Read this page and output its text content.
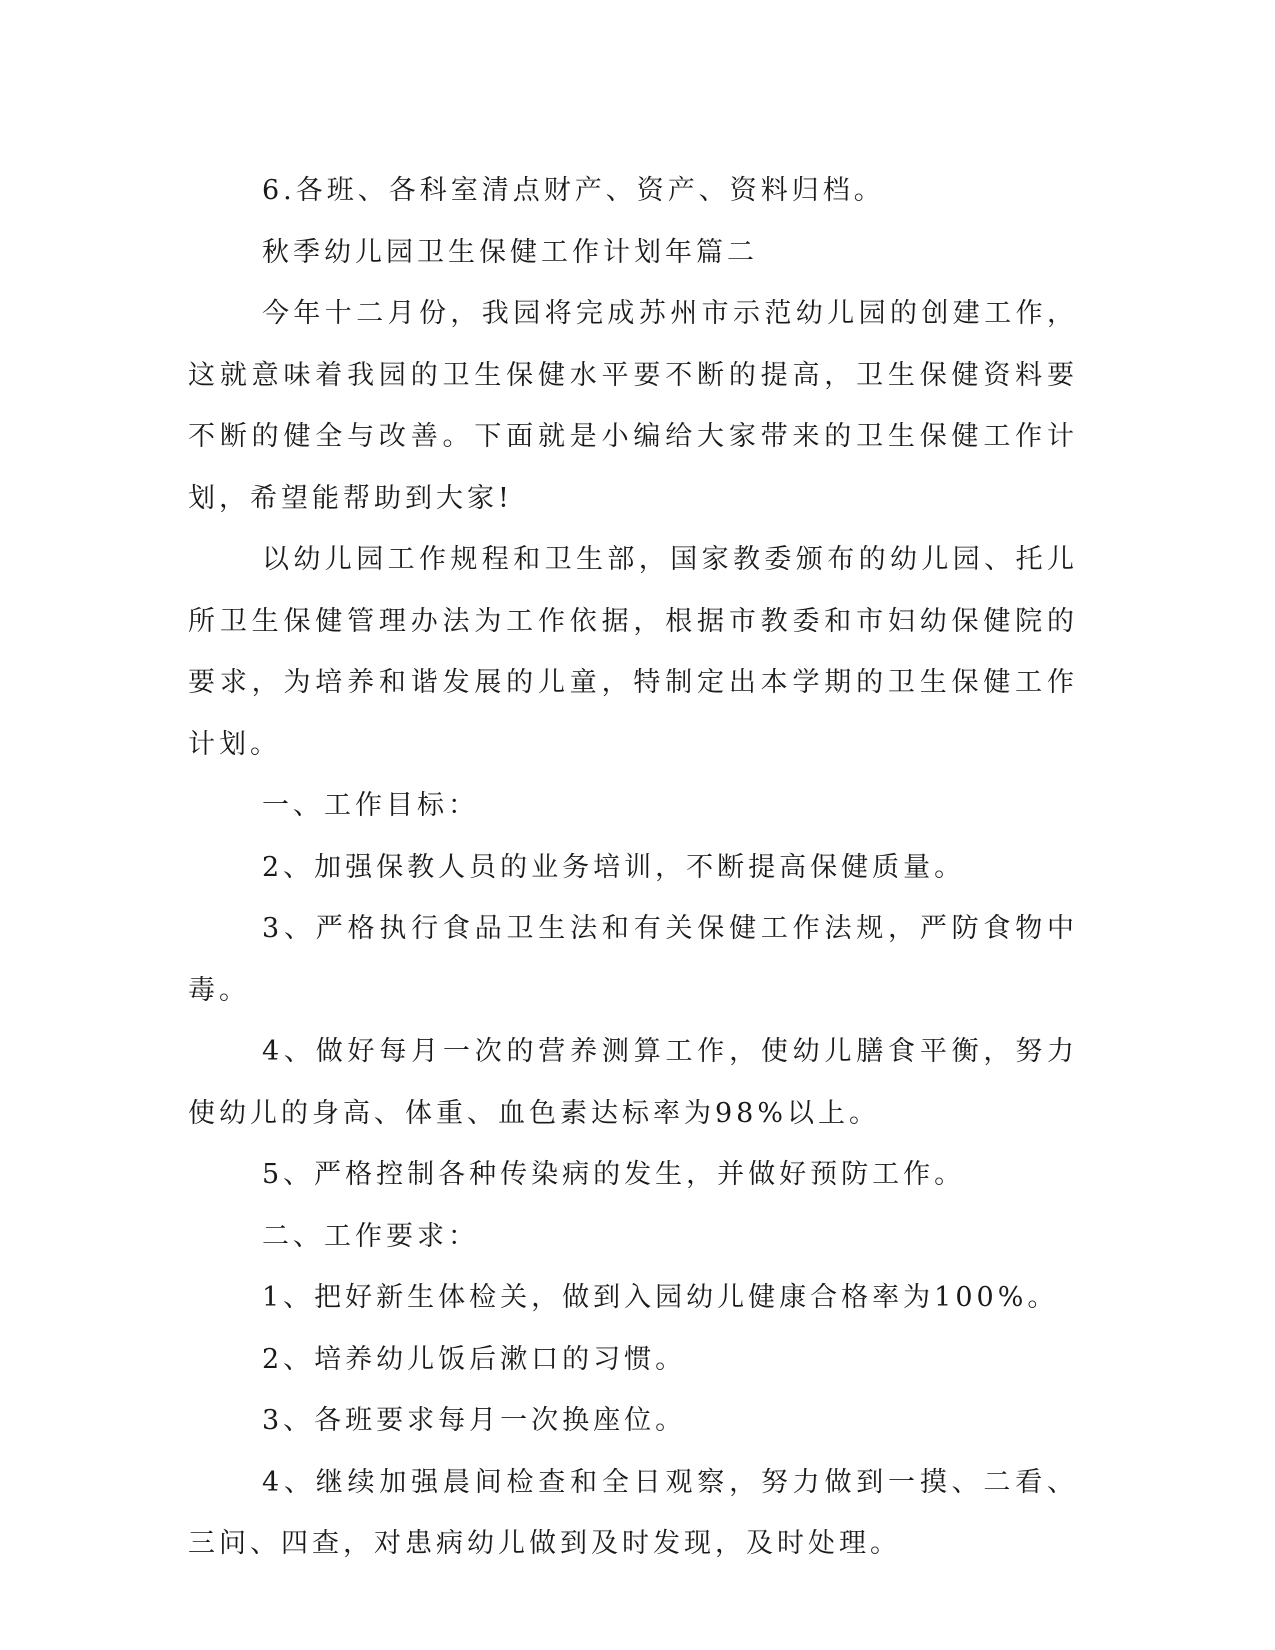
6.各班、各科室清点财产、资产、资料归档。

秋季幼儿园卫生保健工作计划年篇二

今年十二月份，我园将完成苏州市示范幼儿园的创建工作，这就意味着我园的卫生保健水平要不断的提高，卫生保健资料要不断的健全与改善。下面就是小编给大家带来的卫生保健工作计划，希望能帮助到大家!

以幼儿园工作规程和卫生部，国家教委颁布的幼儿园、托儿所卫生保健管理办法为工作依据，根据市教委和市妇幼保健院的要求，为培养和谐发展的儿童，特制定出本学期的卫生保健工作计划。

一、工作目标：

2、加强保教人员的业务培训，不断提高保健质量。

3、严格执行食品卫生法和有关保健工作法规，严防食物中毒。

4、做好每月一次的营养测算工作，使幼儿膳食平衡，努力使幼儿的身高、体重、血色素达标率为98%以上。

5、严格控制各种传染病的发生，并做好预防工作。

二、工作要求：

1、把好新生体检关，做到入园幼儿健康合格率为100%。

2、培养幼儿饭后漱口的习惯。

3、各班要求每月一次换座位。

4、继续加强晨间检查和全日观察，努力做到一摸、二看、三问、四查，对患病幼儿做到及时发现，及时处理。
